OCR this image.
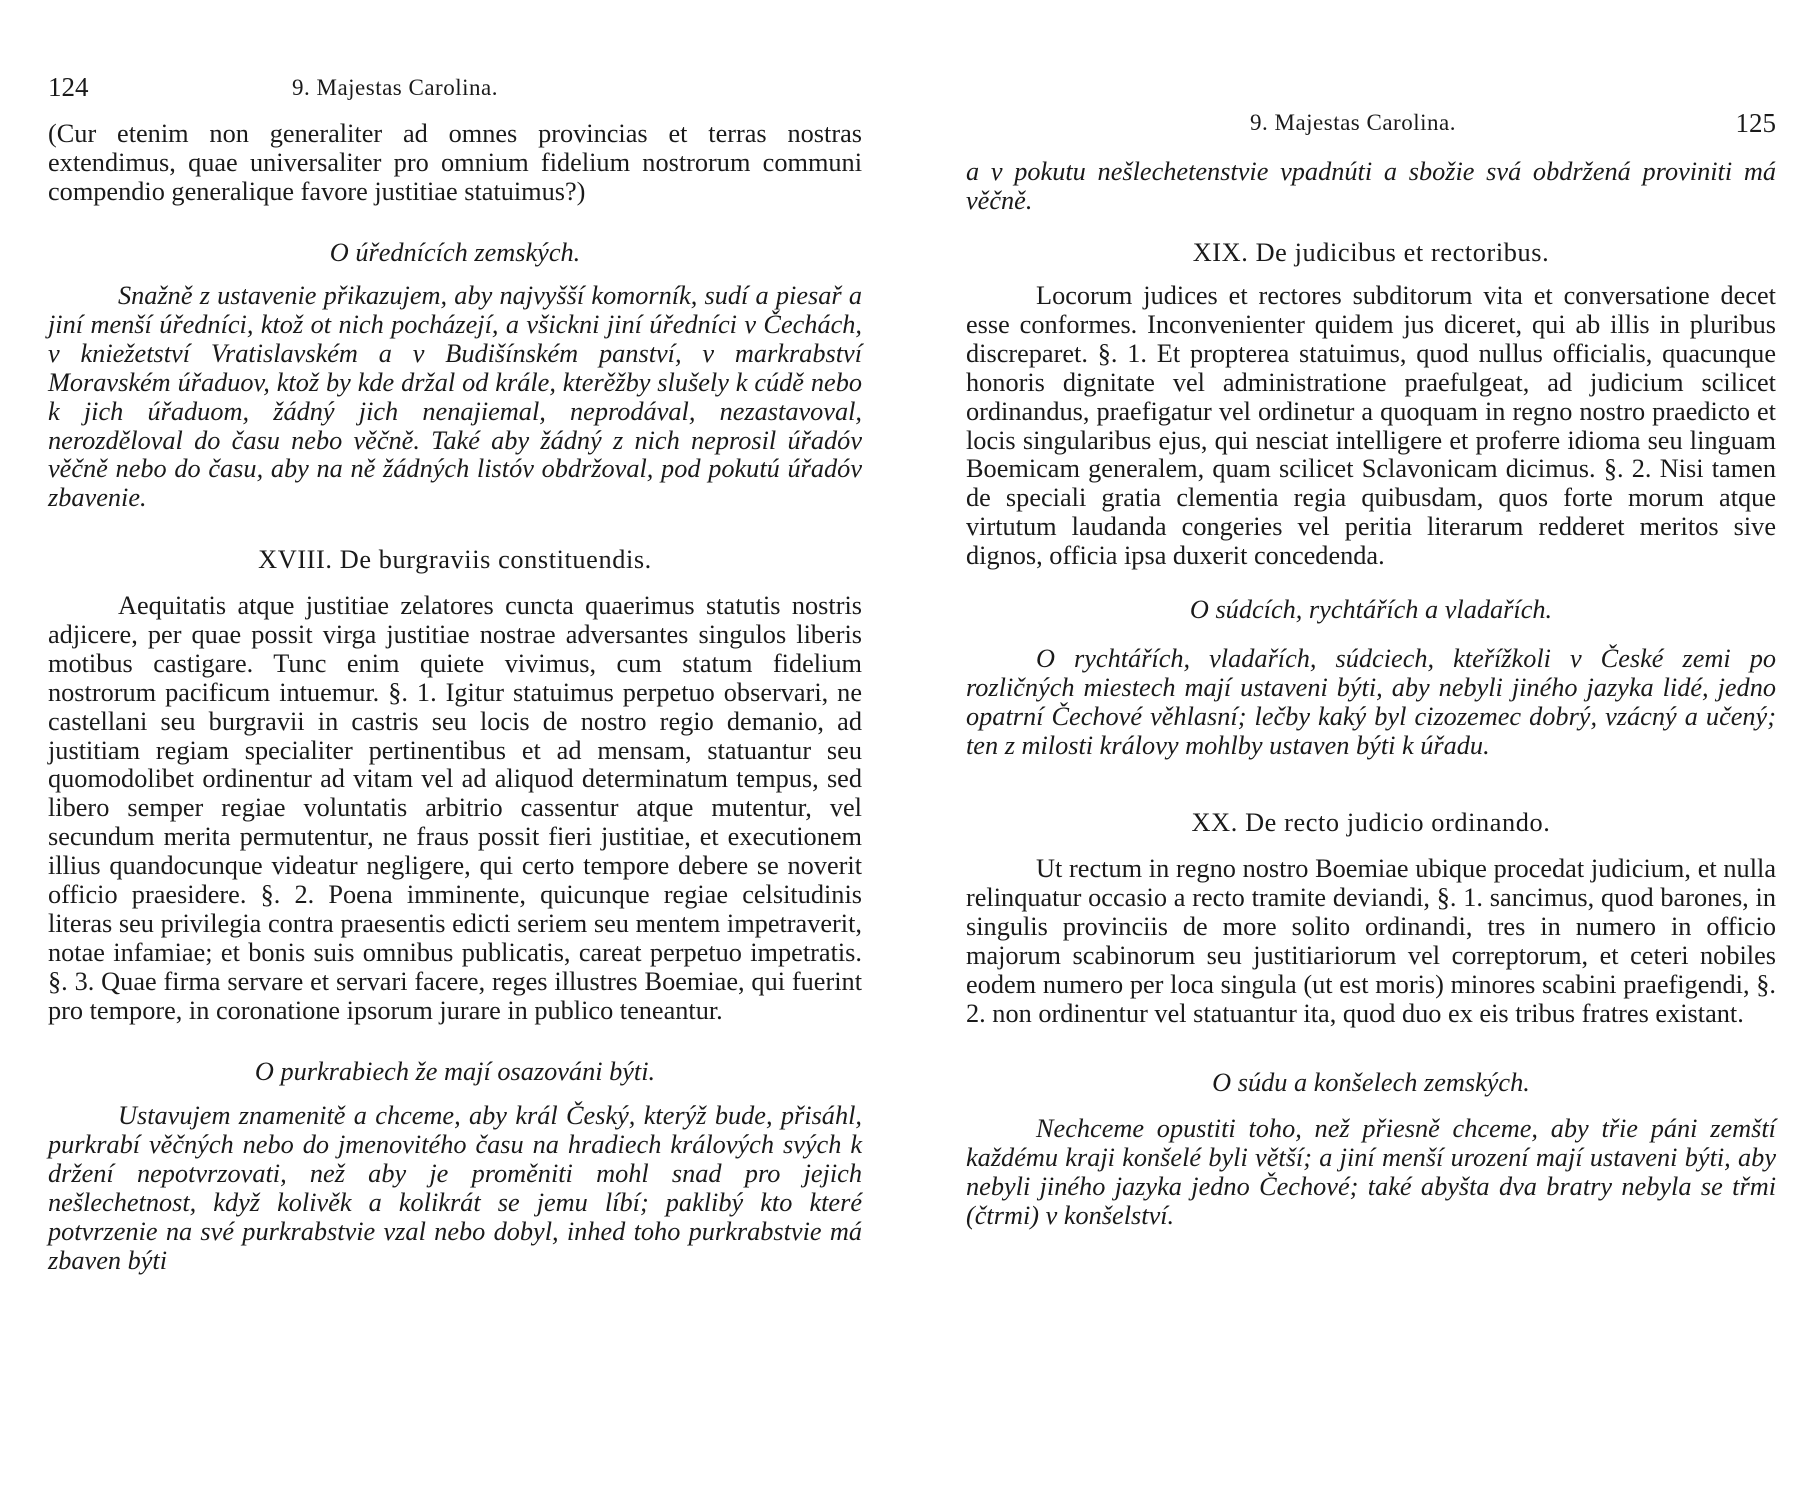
124	9. Majestas Carolina.

(Cur etenim non generaliter ad omnes provincias et terras nostras extendimus, quae universaliter pro omnium fidelium nostrorum communi compendio generalique favore justitiae statuimus?)

O úřednících zemských.

Snažně z ustavenie přikazujem, aby najvyšší komorník, sudí a piesař a jiní menší úředníci, ktož ot nich pocházejí, a všickni jiní úředníci v Čechách, v kniežetství Vratislavském a v Budišínském panství, v markrabství Moravském úřaduov, ktož by kde držal od krále, kterěžby slušely k cúdě nebo k jich úřaduom, žádný jich nenajiemal, neprodával, nezastavoval, nerozděloval do času nebo věčně. Také aby žádný z nich neprosil úřadóv věčně nebo do času, aby na ně žádných listóv obdržoval, pod pokutú úřadóv zbavenie.

XVIII. De burgraviis constituendis.

Aequitatis atque justitiae zelatores cuncta quaerimus statutis nostris adjicere, per quae possit virga justitiae nostrae adversantes singulos liberis motibus castigare. Tunc enim quiete vivimus, cum statum fidelium nostrorum pacificum intuemur. §. 1. Igitur statuimus perpetuo observari, ne castellani seu burgravii in castris seu locis de nostro regio demanio, ad justitiam regiam specialiter pertinentibus et ad mensam, statuantur seu quomodolibet ordinentur ad vitam vel ad aliquod determinatum tempus, sed libero semper regiae voluntatis arbitrio cassentur atque mutentur, vel secundum merita permutentur, ne fraus possit fieri justitiae, et executionem illius quandocunque videatur negligere, qui certo tempore debere se noverit officio praesidere. §. 2. Poena imminente, quicunque regiae celsitudinis literas seu privilegia contra praesentis edicti seriem seu mentem impetraverit, notae infamiae; et bonis suis omnibus publicatis, careat perpetuo impetratis. §. 3. Quae firma servare et servari facere, reges illustres Boemiae, qui fuerint pro tempore, in coronatione ipsorum jurare in publico teneantur.

O purkrabiech že mají osazováni býti.

Ustavujem znamenitě a chceme, aby král Český, kterýž bude, přisáhl, purkrabí věčných nebo do jmenovitého času na hradiech králových svých k držení nepotvrzovati, než aby je proměniti mohl snad pro jejich nešlechetnost, když kolivěk a kolikrát se jemu líbí; paklibý kto které potvrzenie na své purkrabstvie vzal nebo dobyl, inhed toho purkrabstvie má zbaven býti

9. Majestas Carolina.	125

a v pokutu nešlechetenstvie vpadnúti a sbožie svá obdržená proviniti má věčně.

XIX. De judicibus et rectoribus.

Locorum judices et rectores subditorum vita et conversatione decet esse conformes. Inconvenienter quidem jus diceret, qui ab illis in pluribus discreparet. §. 1. Et propterea statuimus, quod nullus officialis, quacunque honoris dignitate vel administratione praefulgeat, ad judicium scilicet ordinandus, praefigatur vel ordinetur a quoquam in regno nostro praedicto et locis singularibus ejus, qui nesciat intelligere et proferre idioma seu linguam Boemicam generalem, quam scilicet Sclavonicam dicimus. §. 2. Nisi tamen de speciali gratia clementia regia quibusdam, quos forte morum atque virtutum laudanda congeries vel peritia literarum redderet meritos sive dignos, officia ipsa duxerit concedenda.

O súdcích, rychtářích a vladařích.

O rychtářích, vladařích, súdciech, kteřížkoli v České zemi po rozličných miestech mají ustaveni býti, aby nebyli jiného jazyka lidé, jedno opatrní Čechové věhlasní; lečby kaký byl cizozemec dobrý, vzácný a učený; ten z milosti královy mohlby ustaven býti k úřadu.

XX. De recto judicio ordinando.

Ut rectum in regno nostro Boemiae ubique procedat judicium, et nulla relinquatur occasio a recto tramite deviandi, §. 1. sancimus, quod barones, in singulis provinciis de more solito ordinandi, tres in numero in officio majorum scabinorum seu justitiariorum vel correptorum, et ceteri nobiles eodem numero per loca singula (ut est moris) minores scabini praefigendi, §. 2. non ordinentur vel statuantur ita, quod duo ex eis tribus fratres existant.

O súdu a konšelech zemských.

Nechceme opustiti toho, než přiesně chceme, aby třie páni zemští každému kraji konšelé byli větší; a jiní menší urození mají ustaveni býti, aby nebyli jiného jazyka jedno Čechové; také abyšta dva bratry nebyla se třmi (čtrmi) v konšelství.
